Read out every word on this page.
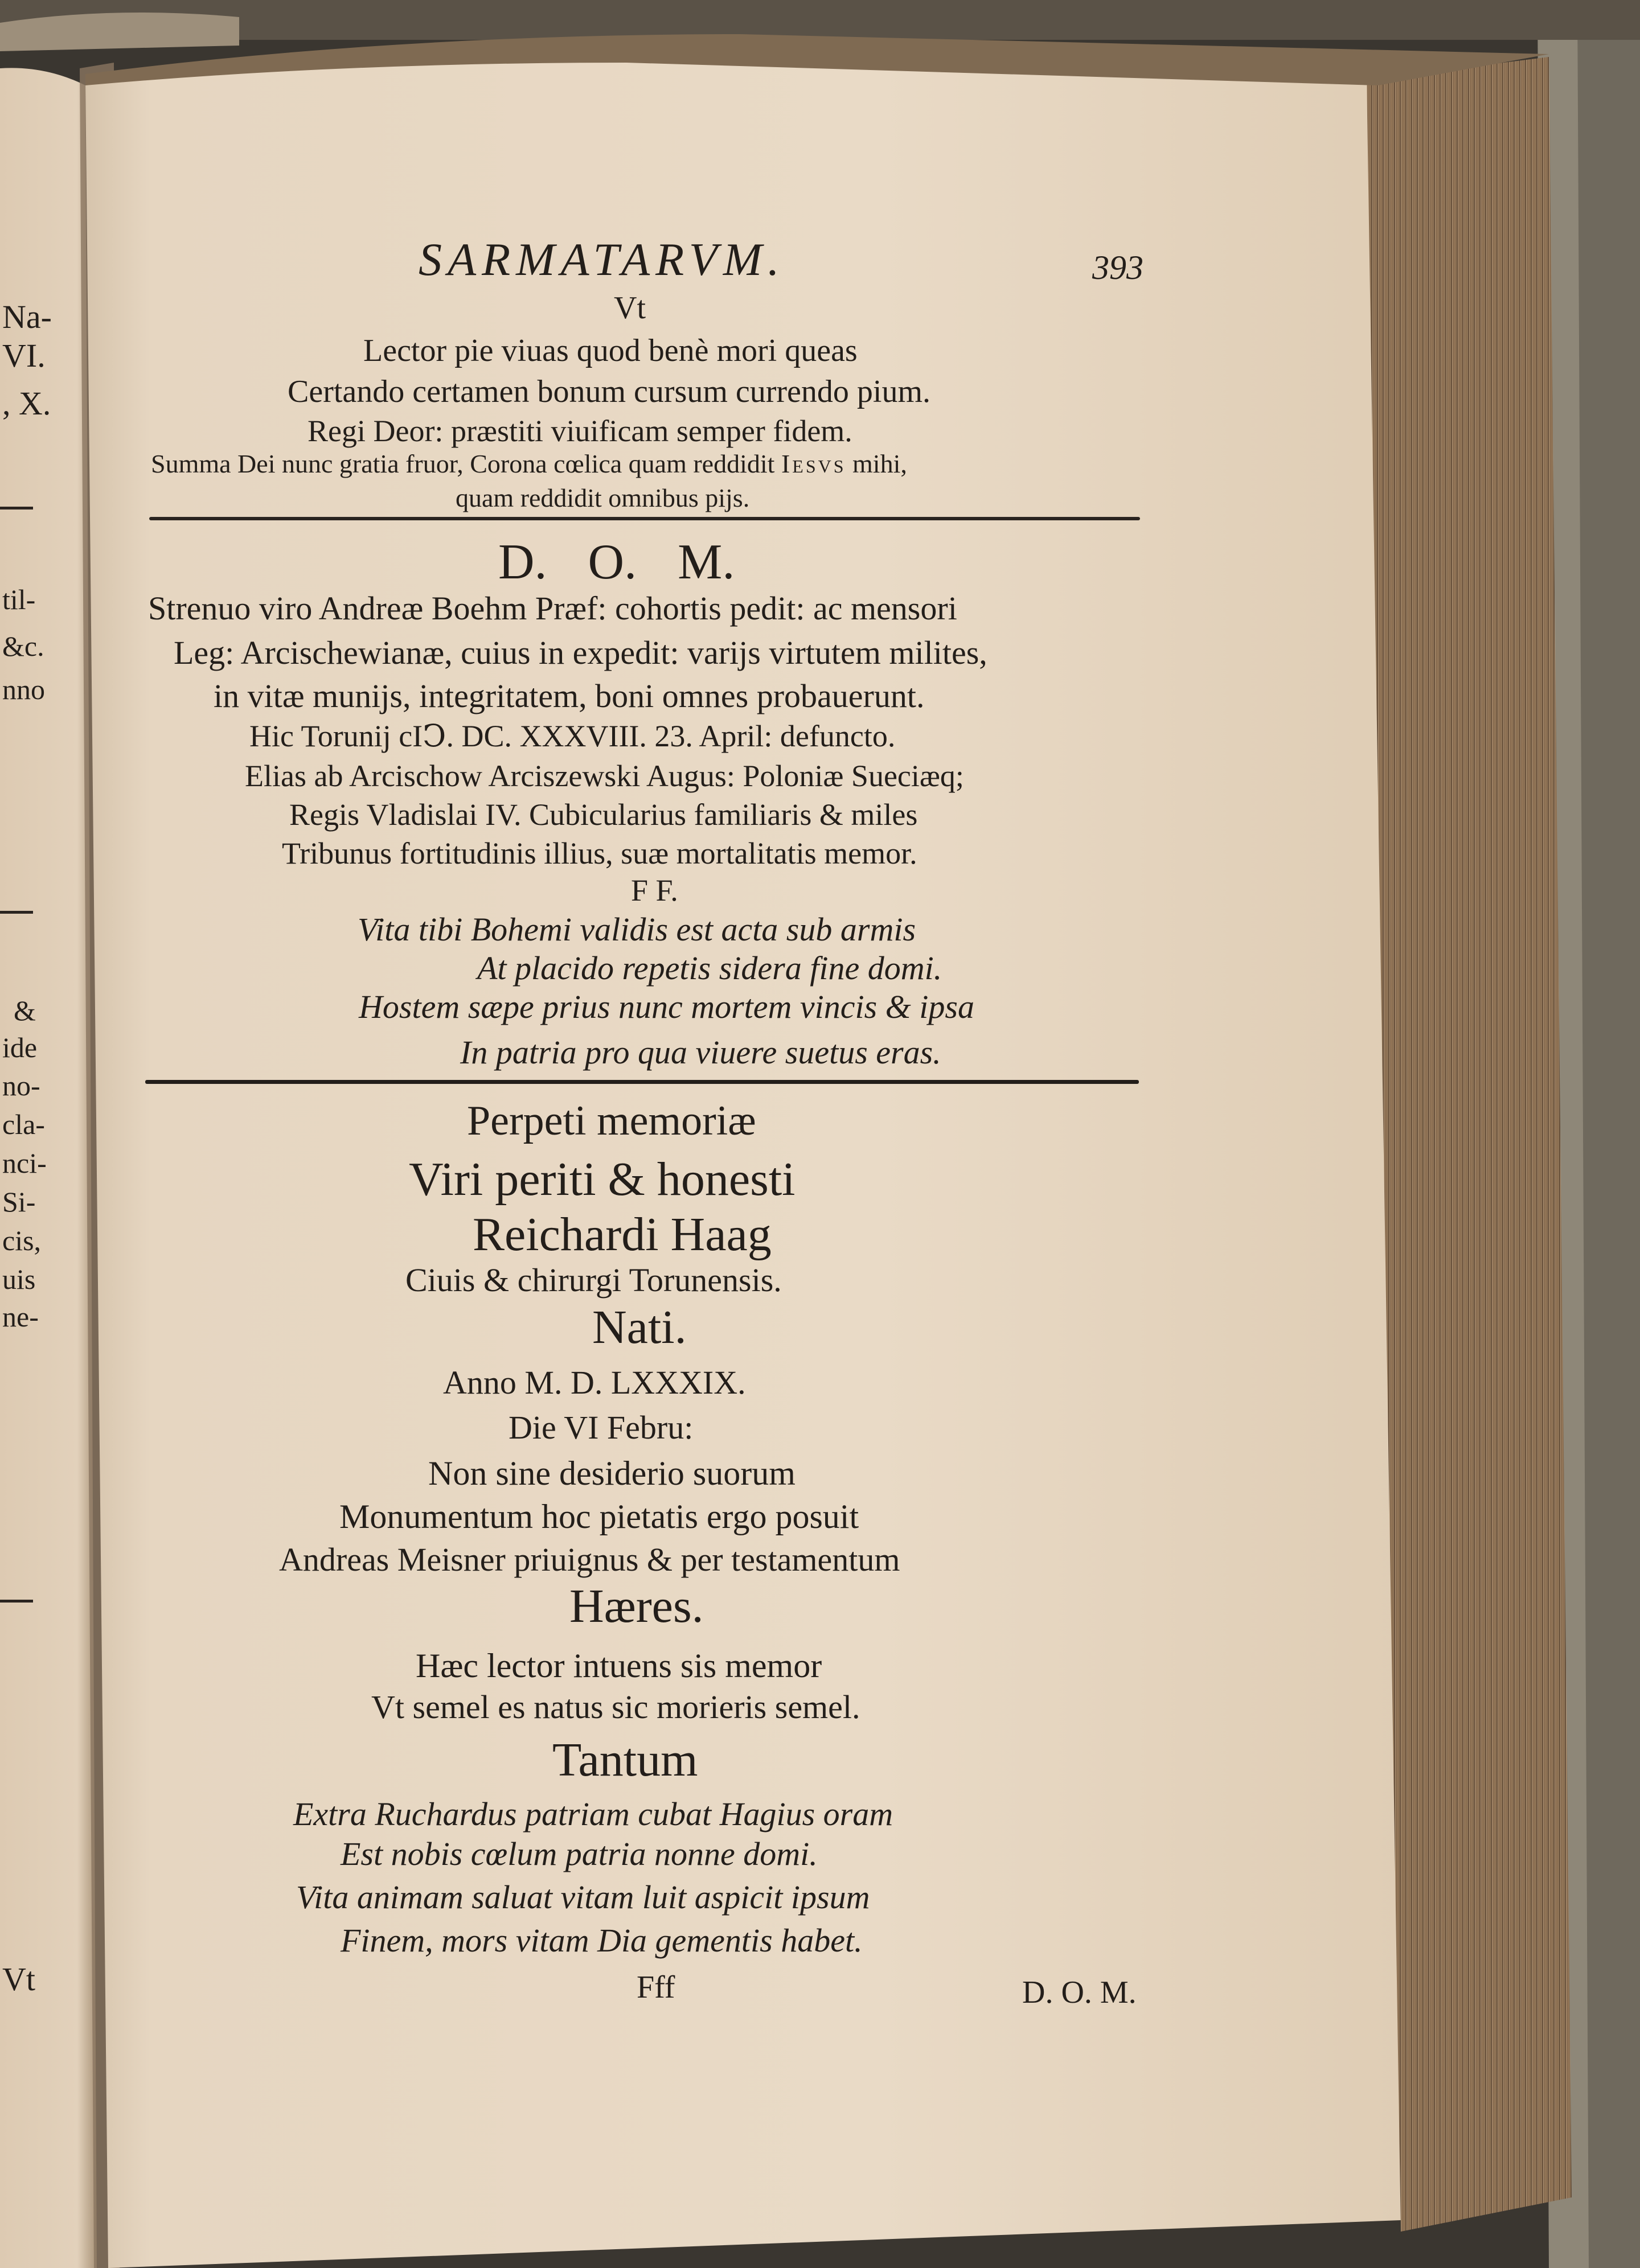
SARMATARVM.	393
Vt
Lector pie viuas quod benè mori queas
Certando certamen bonum cursum currendo pium.
Regi Deor: præstiti viuificam semper fidem.
Summa Dei nunc gratia fruor, Corona cœlica quam reddidit Iesvs mihi,
quam reddidit omnibus pijs.
D. O. M.
Strenuo viro Andreæ Boehm Præf: cohortis pedit: ac mensori
Leg: Arcischewianæ, cuius in expedit: varijs virtutem milites,
in vitæ munijs, integritatem, boni omnes probauerunt.
Hic Torunij cIↃ. DC. XXXVIII. 23. April: defuncto.
Elias ab Arcischow Arciszewski Augus: Poloniæ Sueciæq;
Regis Vladislai IV. Cubicularius familiaris & miles
Tribunus fortitudinis illius, suæ mortalitatis memor.
F F.
Vita tibi Bohemi validis est acta sub armis
At placido repetis sidera fine domi.
Hostem sæpe prius nunc mortem vincis & ipsa
In patria pro qua viuere suetus eras.
Perpeti memoriæ
Viri periti & honesti
Reichardi Haag
Ciuis & chirurgi Torunensis.
Nati.
Anno M. D. LXXXIX.
Die VI Febru:
Non sine desiderio suorum
Monumentum hoc pietatis ergo posuit
Andreas Meisner priuignus & per testamentum
Hæres.
Hæc lector intuens sis memor
Vt semel es natus sic morieris semel.
Tantum
Extra Ruchardus patriam cubat Hagius oram
Est nobis cœlum patria nonne domi.
Vita animam saluat vitam luit aspicit ipsum
Finem, mors vitam Dia gementis habet.
Fff	D. O. M.
Na-
VI.
, X.
til-
&c.
nno
&
ide
no-
cla-
nci-
Si-
cis,
uis
ne-
Vt
